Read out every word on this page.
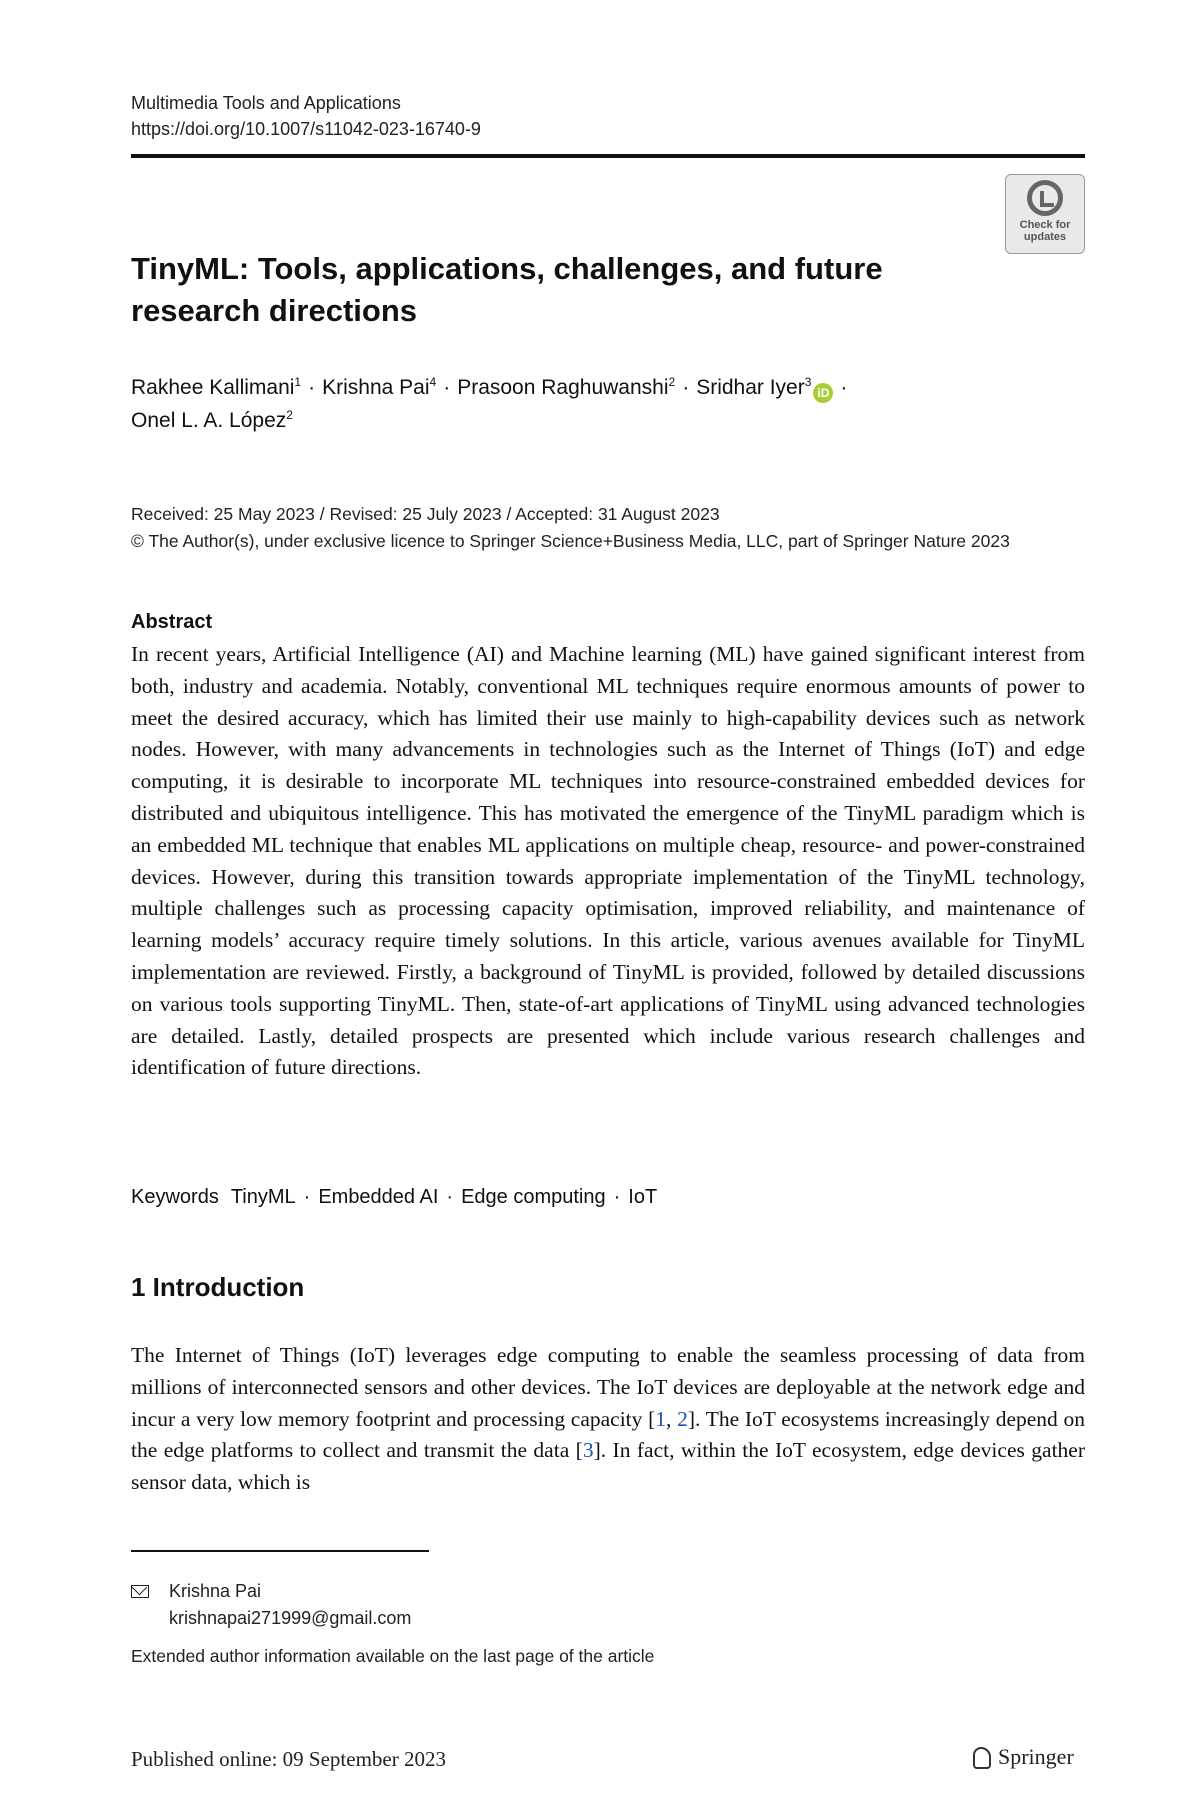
Multimedia Tools and Applications
https://doi.org/10.1007/s11042-023-16740-9
Check for
updates
TinyML: Tools, applications, challenges, and future research directions
Rakhee Kallimani$^1$ · Krishna Pai$^4$ · Prasoon Raghuwanshi$^2$ · Sridhar Iyer$^3$iD ·
Onel L. A. López$^2$
Received: 25 May 2023 / Revised: 25 July 2023 / Accepted: 31 August 2023
© The Author(s), under exclusive licence to Springer Science+Business Media, LLC, part of Springer Nature 2023
Abstract
In recent years, Artificial Intelligence (AI) and Machine learning (ML) have gained significant interest from both, industry and academia. Notably, conventional ML techniques require enormous amounts of power to meet the desired accuracy, which has limited their use mainly to high-capability devices such as network nodes. However, with many advancements in technologies such as the Internet of Things (IoT) and edge computing, it is desirable to incorporate ML techniques into resource-constrained embedded devices for distributed and ubiquitous intelligence. This has motivated the emergence of the TinyML paradigm which is an embedded ML technique that enables ML applications on multiple cheap, resource- and power-constrained devices. However, during this transition towards appropriate implementation of the TinyML technology, multiple challenges such as processing capacity optimisation, improved reliability, and maintenance of learning models’ accuracy require timely solutions. In this article, various avenues available for TinyML implementation are reviewed. Firstly, a background of TinyML is provided, followed by detailed discussions on various tools supporting TinyML. Then, state-of-art applications of TinyML using advanced technologies are detailed. Lastly, detailed prospects are presented which include various research challenges and identification of future directions.
Keywords TinyML · Embedded AI · Edge computing · IoT
1 Introduction
The Internet of Things (IoT) leverages edge computing to enable the seamless processing of data from millions of interconnected sensors and other devices. The IoT devices are deployable at the network edge and incur a very low memory footprint and processing capacity [1, 2]. The IoT ecosystems increasingly depend on the edge platforms to collect and transmit the data [3]. In fact, within the IoT ecosystem, edge devices gather sensor data, which is
Krishna Pai
krishnapai271999@gmail.com
Extended author information available on the last page of the article
Published online: 09 September 2023	Springer
